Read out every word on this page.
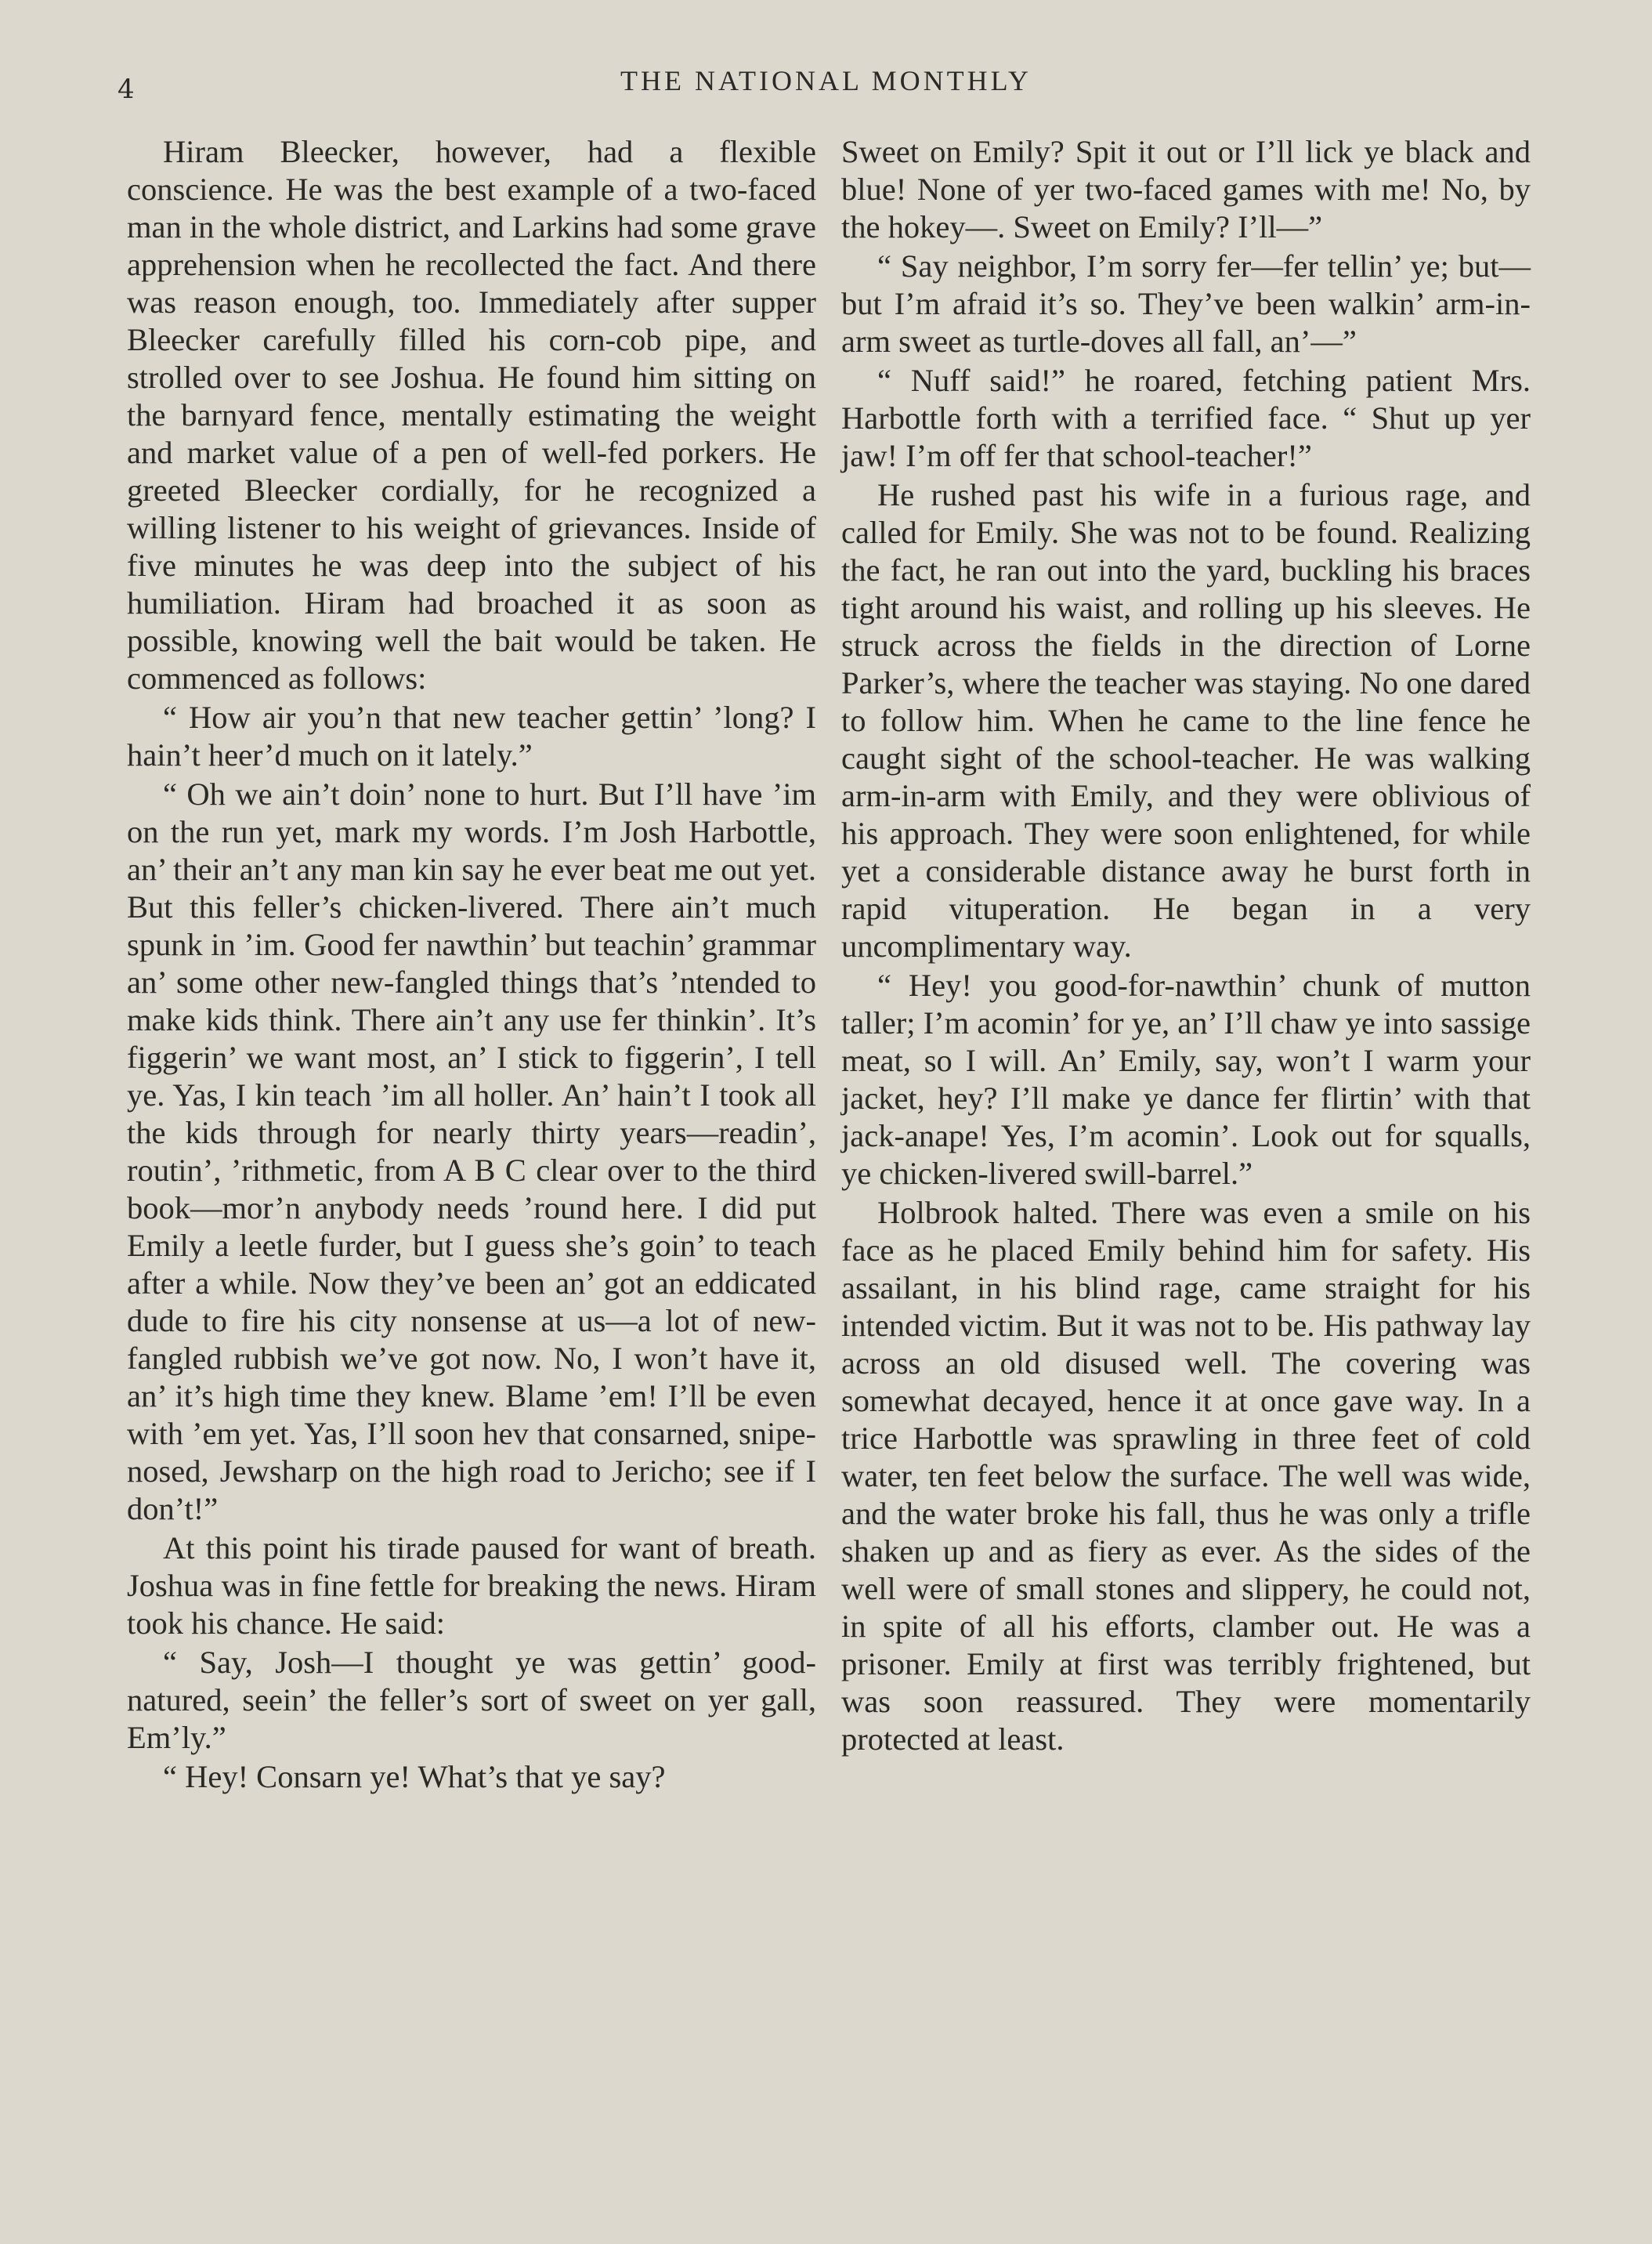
4	THE NATIONAL MONTHLY

Hiram Bleecker, however, had a flexible conscience. He was the best example of a two-faced man in the whole district, and Larkins had some grave apprehension when he recollected the fact. And there was reason enough, too. Immediately after supper Bleecker carefully filled his corn-cob pipe, and strolled over to see Joshua. He found him sitting on the barnyard fence, mentally estimating the weight and market value of a pen of well-fed porkers. He greeted Bleecker cordially, for he recognized a willing listener to his weight of grievances. Inside of five minutes he was deep into the subject of his humiliation. Hiram had broached it as soon as possible, knowing well the bait would be taken. He commenced as follows:

“ How air you’n that new teacher gettin’ ’long? I hain’t heer’d much on it lately.”

“ Oh we ain’t doin’ none to hurt. But I’ll have ’im on the run yet, mark my words. I’m Josh Harbottle, an’ their an’t any man kin say he ever beat me out yet. But this feller’s chicken-livered. There ain’t much spunk in ’im. Good fer nawthin’ but teachin’ grammar an’ some other new-fangled things that’s ’ntended to make kids think. There ain’t any use fer thinkin’. It’s figgerin’ we want most, an’ I stick to figgerin’, I tell ye. Yas, I kin teach ’im all holler. An’ hain’t I took all the kids through for nearly thirty years—readin’, routin’, ’rithmetic, from A B C clear over to the third book—mor’n anybody needs ’round here. I did put Emily a leetle furder, but I guess she’s goin’ to teach after a while. Now they’ve been an’ got an eddicated dude to fire his city nonsense at us—a lot of new-fangled rubbish we’ve got now. No, I won’t have it, an’ it’s high time they knew. Blame ’em! I’ll be even with ’em yet. Yas, I’ll soon hev that consarned, snipe-nosed, Jewsharp on the high road to Jericho; see if I don’t!”

At this point his tirade paused for want of breath. Joshua was in fine fettle for breaking the news. Hiram took his chance. He said:

“ Say, Josh—I thought ye was gettin’ good-natured, seein’ the feller’s sort of sweet on yer gall, Em’ly.”

“ Hey! Consarn ye! What’s that ye say?

Sweet on Emily? Spit it out or I’ll lick ye black and blue! None of yer two-faced games with me! No, by the hokey—. Sweet on Emily? I’ll—”

“ Say neighbor, I’m sorry fer—fer tellin’ ye; but—but I’m afraid it’s so. They’ve been walkin’ arm-in-arm sweet as turtle-doves all fall, an’—”

“ Nuff said!” he roared, fetching patient Mrs. Harbottle forth with a terrified face. “ Shut up yer jaw! I’m off fer that school-teacher!”

He rushed past his wife in a furious rage, and called for Emily. She was not to be found. Realizing the fact, he ran out into the yard, buckling his braces tight around his waist, and rolling up his sleeves. He struck across the fields in the direction of Lorne Parker’s, where the teacher was staying. No one dared to follow him. When he came to the line fence he caught sight of the school-teacher. He was walking arm-in-arm with Emily, and they were oblivious of his approach. They were soon enlightened, for while yet a considerable distance away he burst forth in rapid vituperation. He began in a very uncomplimentary way.

“ Hey! you good-for-nawthin’ chunk of mutton taller; I’m acomin’ for ye, an’ I’ll chaw ye into sassige meat, so I will. An’ Emily, say, won’t I warm your jacket, hey? I’ll make ye dance fer flirtin’ with that jack-anape! Yes, I’m acomin’. Look out for squalls, ye chicken-livered swill-barrel.”

Holbrook halted. There was even a smile on his face as he placed Emily behind him for safety. His assailant, in his blind rage, came straight for his intended victim. But it was not to be. His pathway lay across an old disused well. The covering was somewhat decayed, hence it at once gave way. In a trice Harbottle was sprawling in three feet of cold water, ten feet below the surface. The well was wide, and the water broke his fall, thus he was only a trifle shaken up and as fiery as ever. As the sides of the well were of small stones and slippery, he could not, in spite of all his efforts, clamber out. He was a prisoner. Emily at first was terribly frightened, but was soon reassured. They were momentarily protected at least.
